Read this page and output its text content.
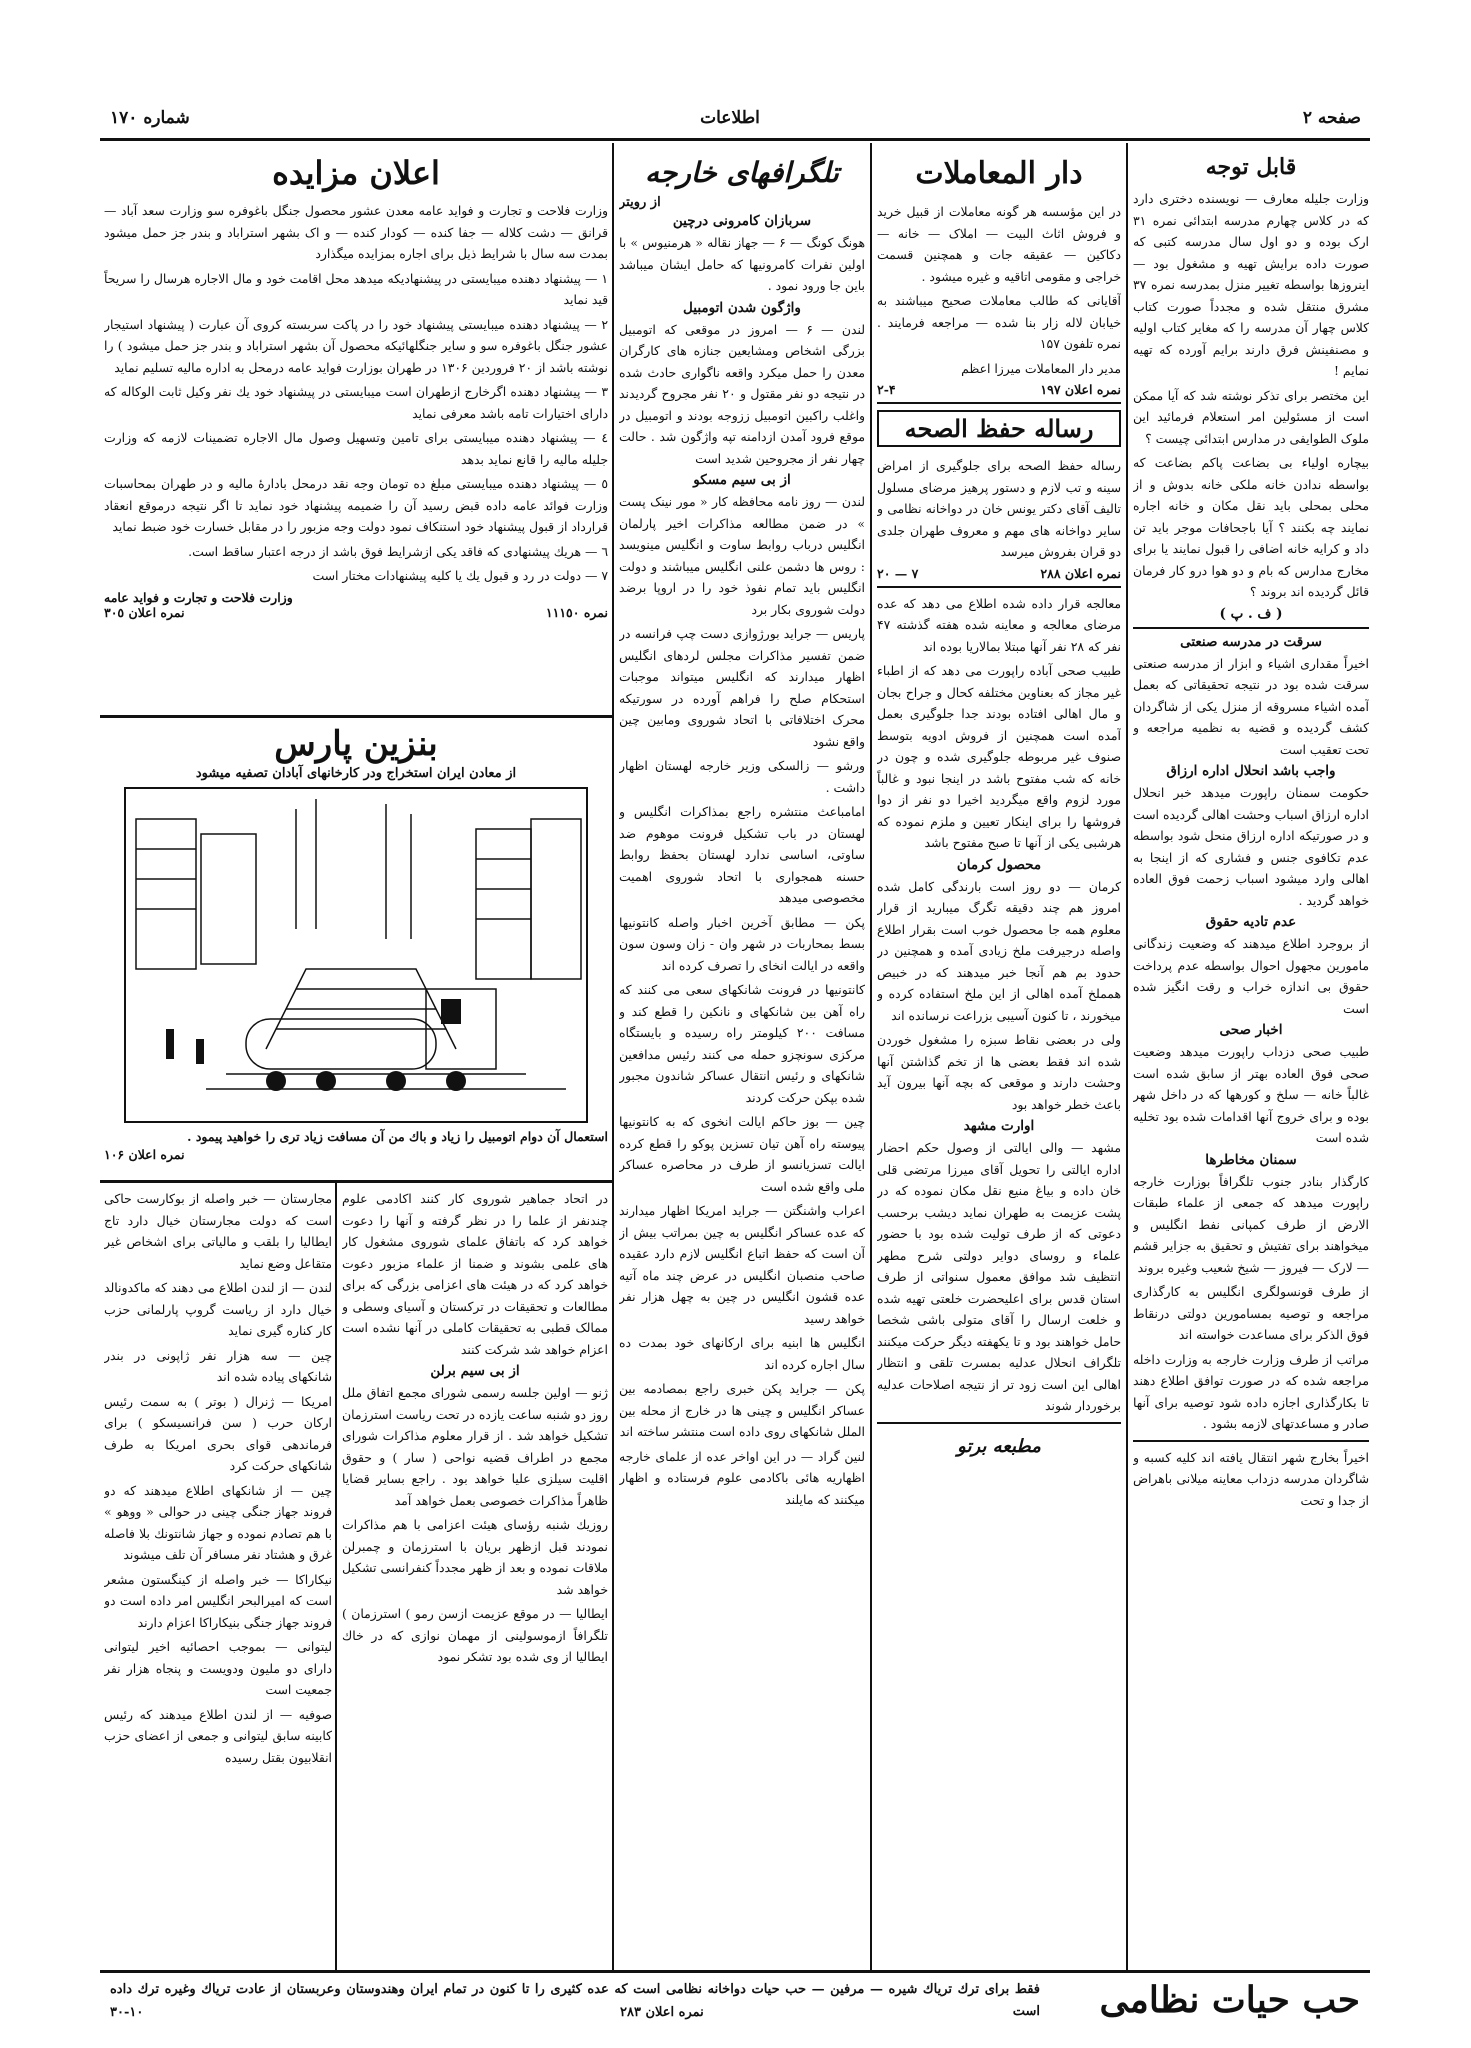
صفحه ۲
اطلاعات
شماره ۱۷۰
قابل توجه

وزارت جلیله معارف — نویسنده دختری دارد که در کلاس چهارم مدرسه ابتدائی نمره ۳۱ ارک بوده و دو اول سال مدرسه کتبی که صورت داده برایش تهیه و مشغول بود — اینروزها بواسطه تغییر منزل بمدرسه نمره ۳۷ مشرق منتقل شده و مجدداً صورت کتاب کلاس چهار آن مدرسه را که مغایر کتاب اولیه و مصنفینش فرق دارند برایم آورده که تهیه نمایم !

این مختصر برای تذکر نوشته شد که آیا ممکن است از مسئولین امر استعلام فرمائید این ملوک الطوایفی در مدارس ابتدائی چیست ؟

بیچاره اولیاء بی بضاعت پاکم بضاعت که بواسطه ندادن خانه ملکی خانه بدوش و از محلی بمحلی باید نقل مکان و خانه اجاره نمایند چه بکنند ؟ آیا باجحافات موجر باید تن داد و کرایه خانه اضافی را قبول نمایند یا برای مخارج مدارس که بام و دو هوا درو کار فرمان قائل گردیده اند بروند ؟

( ف . پ )
سرقت در مدرسه صنعتی

اخیراً مقداری اشیاء و ابزار از مدرسه صنعتی سرقت شده بود در نتیجه تحقیقاتی که بعمل آمده اشیاء مسروقه از منزل یکی از شاگردان کشف گردیده و قضیه به نظمیه مراجعه و تحت تعقیب است

واجب باشد انحلال اداره ارزاق

حکومت سمنان راپورت میدهد خبر انحلال اداره ارزاق اسباب وحشت اهالی گردیده است و در صورتیکه اداره ارزاق منحل شود بواسطه عدم تکافوی جنس و فشاری که از اینجا به اهالی وارد میشود اسباب زحمت فوق العاده خواهد گردید .

عدم تادیه حقوق

از بروجرد اطلاع میدهند که وضعیت زندگانی مامورین مجهول احوال بواسطه عدم پرداخت حقوق بی اندازه خراب و رقت انگیز شده است

اخبار صحی

طبیب صحی دزداب راپورت میدهد وضعیت صحی فوق العاده بهتر از سابق شده است غالباً خانه — سلخ و کورهها که در داخل شهر بوده و برای خروج آنها اقدامات شده بود تخلیه شده است

سمنان مخاطرها

کارگذار بنادر جنوب تلگرافاً بوزارت خارجه راپورت میدهد که جمعی از علماء طبقات الارض از طرف کمپانی نفط انگلیس و میخواهند برای تفتیش و تحقیق به جزایر قشم — لارک — فیروز — شیخ شعیب وغیره بروند

از طرف قونسولگری انگلیس به کارگذاری مراجعه و توصیه بمسامورین دولتی درنقاط فوق الذکر برای مساعدت خواسته اند

مراتب از طرف وزارت خارجه به وزارت داخله مراجعه شده که در صورت توافق اطلاع دهند تا بکارگذاری اجازه داده شود توصیه برای آنها صادر و مساعدتهای لازمه بشود .

اخیراً بخارج شهر انتقال یافته اند کلیه کسبه و شاگردان مدرسه دزداب معاینه میلانی باهراض از جدا و تحت

دار المعاملات

در این مؤسسه هر گونه معاملات از قبیل خرید و فروش اثاث البیت — املاک — خانه — دکاکین — عقیقه جات و همچنین قسمت خراجی و مقومی اتاقیه و غیره میشود .

آقایانی که طالب معاملات صحیح میباشند به خیابان لاله زار بنا شده — مراجعه فرمایند . نمره تلفون ۱۵۷

مدیر دار المعاملات میرزا اعظم

نمره اعلان ۱۹۷
۲-۴
رساله حفظ الصحه

رساله حفظ الصحه برای جلوگیری از امراض سینه و تب لازم و دستور پرهیز مرضای مسلول تالیف آقای دکتر یونس خان در دواخانه نظامی و سایر دواخانه های مهم و معروف طهران جلدی دو قران بفروش میرسد

نمره اعلان ۲۸۸
۷ — ۲۰

معالجه قرار داده شده اطلاع می دهد که عده مرضای معالجه و معاینه شده هفته گذشته ۴۷ نفر که ۲۸ نفر آنها مبتلا بمالاریا بوده اند

طبیب صحی آباده راپورت می دهد که از اطباء غیر مجاز که بعناوین مختلفه کحال و جراح بجان و مال اهالی افتاده بودند جدا جلوگیری بعمل آمده است همچنین از فروش ادویه بتوسط صنوف غیر مربوطه جلوگیری شده و چون در خانه که شب مفتوح باشد در اینجا نبود و غالباً مورد لزوم واقع میگردید اخیرا دو نفر از دوا فروشها را برای اینکار تعیین و ملزم نموده که هرشبی یکی از آنها تا صبح مفتوح باشد

محصول کرمان

کرمان — دو روز است بارندگی کامل شده امروز هم چند دقیقه تگرگ میبارید از قرار معلوم همه جا محصول خوب است بقرار اطلاع واصله درجیرفت ملخ زیادی آمده و همچنین در حدود بم هم آنجا خبر میدهند که در خبیص همملخ آمده اهالی از این ملخ استفاده کرده و میخورند ، تا کنون آسیبی بزراعت نرسانده اند

ولی در بعضی نقاط سبزه را مشغول خوردن شده اند فقط بعضی ها از تخم گذاشتن آنها وحشت دارند و موقعی که بچه آنها بیرون آید باعث خطر خواهد بود

اوارت مشهد

مشهد — والی ایالتی از وصول حکم احضار اداره ایالتی را تحویل آقای میرزا مرتضی قلی خان داده و بیاغ منیع نقل مکان نموده که در پشت عزیمت به طهران نماید دیشب برحسب دعوتی که از طرف تولیت شده بود با حضور علماء و روسای دوایر دولتی شرح مطهر انتظیف شد موافق معمول سنواتی از طرف استان قدس برای اعلیحضرت خلعتی تهیه شده و خلعت ارسال را آقای متولی باشی شخصا حامل خواهند بود و تا یکهفته دیگر حرکت میکنند تلگراف انحلال عدلیه بمسرت تلقی و انتظار اهالی این است زود تر از نتیجه اصلاحات عدلیه برخوردار شوند

مطبعه برتو
تلگرافهای خارجه
از رویتر
سربازان کامرونی درچین

هونگ کونگ — ۶ — جهاز نقاله « هرمنیوس » با اولین نفرات کامرونیها که حامل ایشان میباشد باین جا ورود نمود .

واژگون شدن اتومبیل

لندن — ۶ — امروز در موقعی که اتومبیل بزرگی اشخاص ومشایعین جنازه های کارگران معدن را حمل میکرد واقعه ناگواری حادث شده در نتیجه دو نفر مقتول و ۲۰ نفر مجروح گردیدند واغلب راکبین اتومبیل ززوجه بودند و اتومبیل در موقع فرود آمدن ازدامنه تپه واژگون شد . حالت چهار نفر از مجروحین شدید است

از بی سیم مسکو

لندن — روز نامه محافظه کار « مور نینک پست » در ضمن مطالعه مذاکرات اخیر پارلمان انگلیس درباب روابط ساوت و انگلیس مینویسد : روس ها دشمن علنی انگلیس میباشند و دولت انگلیس باید تمام نفوذ خود را در اروپا برضد دولت شوروی بکار برد

پاریس — جراید بورژوازی دست چپ فرانسه در ضمن تفسیر مذاکرات مجلس لردهای انگلیس اظهار میدارند که انگلیس میتواند موجبات استحکام صلح را فراهم آورده در سورتیکه محرک اختلافاتی با اتحاد شوروی ومابین چین واقع نشود

ورشو — زالسکی وزیر خارجه لهستان اظهار داشت .

امامباعث منتشره راجع بمذاکرات انگلیس و لهستان در باب تشکیل فرونت موهوم ضد ساوتی، اساسی ندارد لهستان بحفظ روابط حسنه همجواری با اتحاد شوروی اهمیت مخصوصی میدهد

پکن — مطابق آخرین اخبار واصله کانتونیها بسط بمحاربات در شهر وان - زان وسون سون واقعه در ایالت انخای را تصرف کرده اند

کانتونیها در فرونت شانکهای سعی می کنند که راه آهن بین شانکهای و نانکین را قطع کند و مسافت ۲۰۰ کیلومتر راه رسیده و بایستگاه مرکزی سونچزو حمله می کنند رئیس مدافعین شانکهای و رئیس انتقال عساکر شاندون مجبور شده بپکن حرکت کردند

چین — بوز حاکم ایالت انخوی که به کانتونیها پیوسته راه آهن تیان تسزین پوکو را قطع کرده ایالت تسزیانسو از طرف در محاصره عساکر ملی واقع شده است

اعراب واشنگتن — جراید امریکا اظهار میدارند که عده عساکر انگلیس به چین بمراتب بیش از آن است که حفظ اتباع انگلیس لازم دارد عقیده صاحب منصبان انگلیس در عرض چند ماه آتیه عده قشون انگلیس در چین به چهل هزار نفر خواهد رسید

انگلیس ها ابنیه برای ارکانهای خود بمدت ده سال اجاره کرده اند

پکن — جراید پکن خبری راجع بمصادمه بین عساکر انگلیس و چینی ها در خارج از محله بین الملل شانکهای روی داده است منتشر ساخته اند

لنین گراد — در این اواخر عده از علمای خارجه اظهاریه هائی باکادمی علوم فرستاده و اظهار میکنند که مایلند

اعلان مزایده

وزارت فلاحت و تجارت و فواید عامه معدن عشور محصول جنگل باغوفره سو وزارت سعد آباد — قرانق — دشت کلاله — جفا کنده — کودار کنده — و اک بشهر استراباد و بندر جز حمل میشود بمدت سه سال با شرایط ذیل برای اجاره بمزایده میگذارد

۱ — پیشنهاد دهنده میبایستی در پیشنهادیکه میدهد محل اقامت خود و مال الاجاره هرسال را سریحاً قید نماید

۲ — پیشنهاد دهنده میبایستی پیشنهاد خود را در پاکت سربسته کروی آن عبارت ( پیشنهاد استیجار عشور جنگل باغوفره سو و سایر جنگلهائیکه محصول آن بشهر استراباد و بندر جز حمل میشود ) را نوشته باشد از ۲۰ فروردین ۱۳۰۶ در طهران بوزارت فواید عامه درمحل به اداره مالیه تسلیم نماید

۳ — پیشنهاد دهنده اگرخارج ازطهران است میبایستی در پیشنهاد خود یك نفر وکیل ثابت الوکاله که دارای اختیارات تامه باشد معرفی نماید

٤ — پیشنهاد دهنده میبایستی برای تامین وتسهیل وصول مال الاجاره تضمینات لازمه که وزارت جلیله مالیه را قانع نماید بدهد

٥ — پیشنهاد دهنده میبایستی مبلغ ده تومان وجه نقد درمحل بادارۀ مالیه و در طهران بمحاسبات وزارت فوائد عامه داده قبض رسید آن را ضمیمه پیشنهاد خود نماید تا اگر نتیجه درموقع انعقاد قرارداد از قبول پیشنهاد خود استنکاف نمود دولت وجه مزبور را در مقابل خسارت خود ضبط نماید

٦ — هریك پیشنهادی که فاقد یکی ازشرایط فوق باشد از درجه اعتبار ساقط است.

٧ — دولت در رد و قبول یك یا کلیه پیشنهادات مختار است

وزارت فلاحت و تجارت و فواید عامه
نمره ۱۱۱٥٠
نمره اعلان ۳۰٥
بنزین پارس
از معادن ایران استخراج ودر کارخانهای آبادان تصفیه میشود
استعمال آن دوام اتومبیل را زیاد و باك من آن مسافت زیاد تری را خواهید پیمود .
نمره اعلان ۱۰۶

در اتحاد جماهیر شوروی کار کنند اکادمی علوم چندنفر از علما را در نظر گرفته و آنها را دعوت خواهد کرد که باتفاق علمای شوروی مشغول کار های علمی بشوند و ضمنا از علماء مزبور دعوت خواهد کرد که در هیئت های اعزامی بزرگی که برای مطالعات و تحقیقات در ترکستان و آسیای وسطی و ممالک قطبی به تحقیقات کاملی در آنها نشده است اعزام خواهد شد شرکت کنند

از بی سیم برلن

ژنو — اولین جلسه رسمی شورای مجمع اتفاق ملل روز دو شنبه ساعت یازده در تحت ریاست استرزمان تشکیل خواهد شد . از قرار معلوم مذاکرات شورای مجمع در اطراف قضیه نواحی ( سار ) و حقوق اقلیت سیلزی علیا خواهد بود . راجع بسایر قضایا ظاهراً مذاکرات خصوصی بعمل خواهد آمد

روزیك شنبه رؤسای هیئت اعزامی با هم مذاکرات نمودند قبل ازظهر بریان با استرزمان و چمبرلن ملاقات نموده و بعد از ظهر مجدداً کنفرانسی تشکیل خواهد شد

ایطالیا — در موقع عزیمت ازسن رمو ) استرزمان ) تلگرافاً ازموسولینی از مهمان نوازی که در خاك ایطالیا از وی شده بود تشکر نمود

مجارستان — خبر واصله از بوکارست حاکی است که دولت مجارستان خیال دارد تاج ایطالیا را بلقب و مالیاتی برای اشخاص غیر متقاعل وضع نماید

لندن — از لندن اطلاع می دهند که ماکدونالد خیال دارد از ریاست گروپ پارلمانی حزب کار کناره گیری نماید

چین — سه هزار نفر ژاپونی در بندر شانکهای پیاده شده اند

امریکا — ژنرال ( بوتر ) به سمت رئیس ارکان حرب ( سن فرانسیسکو ) برای فرماندهی قوای بحری امریکا به طرف شانکهای حرکت کرد

چین — از شانکهای اطلاع میدهند که دو فروند جهاز جنگی چینی در حوالی « ووهو » با هم تصادم نموده و جهاز شانتونك بلا فاصله غرق و هشتاد نفر مسافر آن تلف میشوند

نیکاراکا — خبر واصله از کینگستون مشعر است که امیرالبحر انگلیس امر داده است دو فروند جهاز جنگی بنیکاراکا اعزام دارند

لیتوانی — بموجب احصائیه اخیر لیتوانی دارای دو ملیون ودویست و پنجاه هزار نفر جمعیت است

صوفیه — از لندن اطلاع میدهند که رئیس کابینه سابق لیتوانی و جمعی از اعضای حزب انقلابیون بقتل رسیده

حب حیات نظامی
فقط برای ترك ترياك شيره — مرفين — حب حيات دواخانه نظامی است که عده کثیری را تا کنون در تمام ایران وهندوستان وعربستان از عادت ترياك وغيره ترك داده است
نمره اعلان ۲۸۳
۳۰-۱۰
